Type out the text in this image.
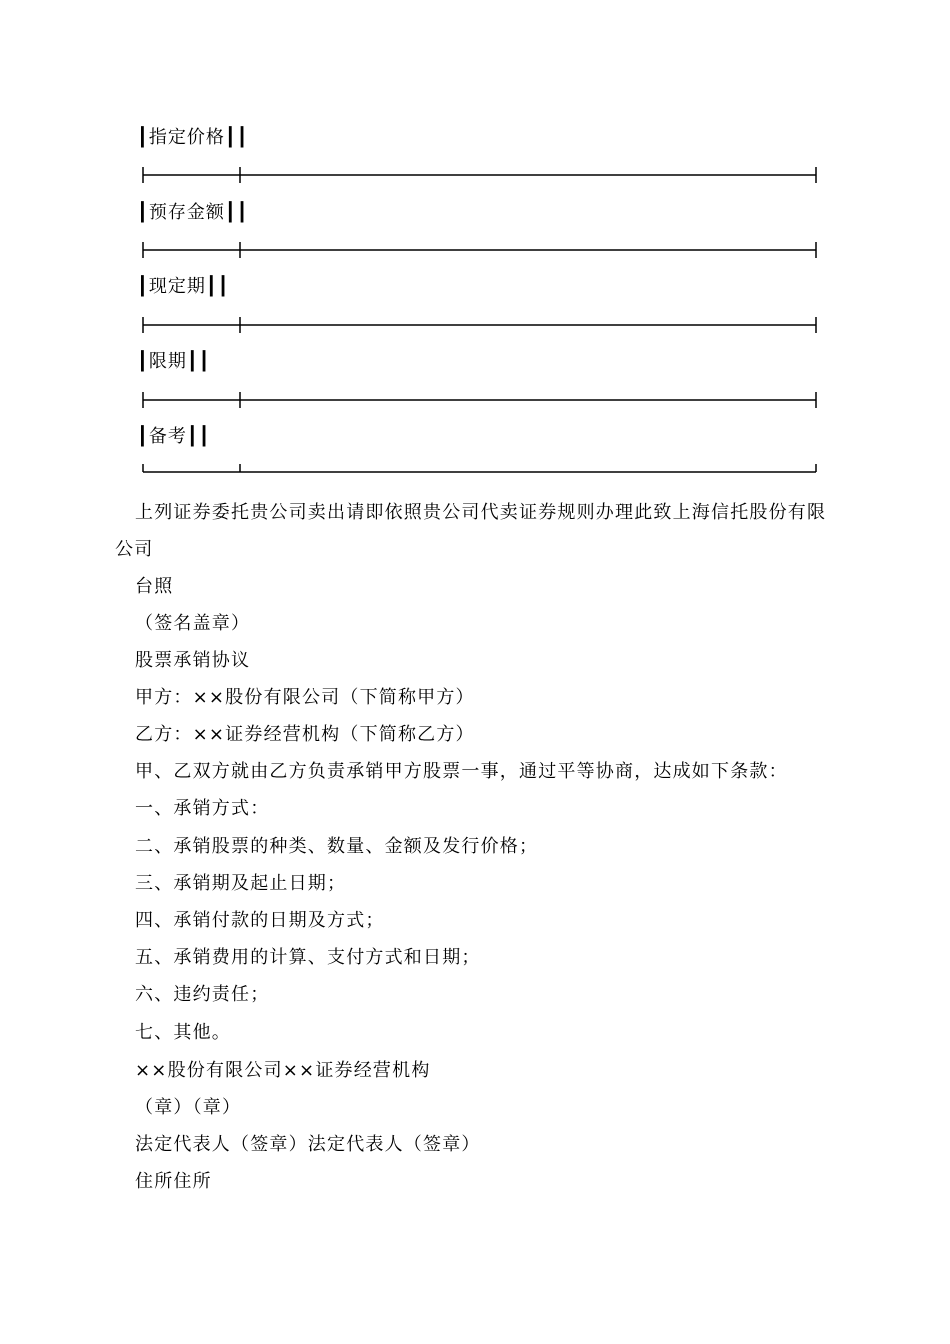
┃指定价格┃┃
┃预存金额┃┃
┃现定期┃┃
┃限期┃┃
┃备考┃┃
上列证券委托贵公司卖出请即依照贵公司代卖证券规则办理此致上海信托股份有限
公司
台照
（签名盖章）
股票承销协议
甲方：××股份有限公司（下简称甲方）
乙方：××证券经营机构（下简称乙方）
甲、乙双方就由乙方负责承销甲方股票一事，通过平等协商，达成如下条款：
一、承销方式：
二、承销股票的种类、数量、金额及发行价格；
三、承销期及起止日期；
四、承销付款的日期及方式；
五、承销费用的计算、支付方式和日期；
六、违约责任；
七、其他。
××股份有限公司××证券经营机构
（章）（章）
法定代表人（签章）法定代表人（签章）
住所住所
